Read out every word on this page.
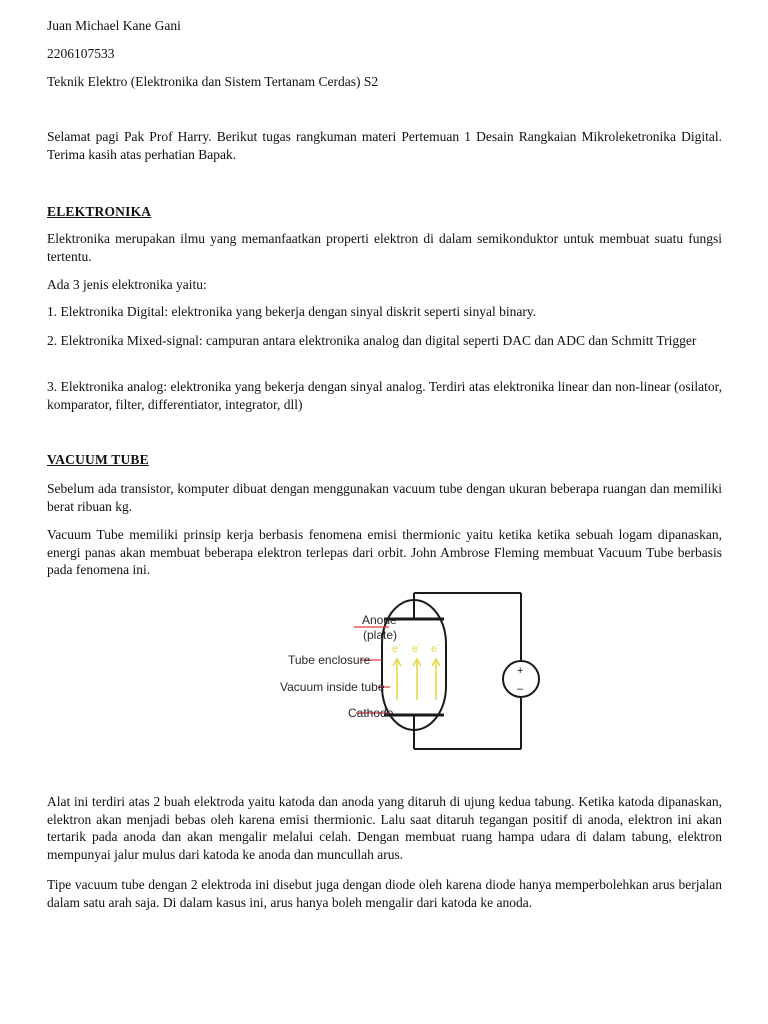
Juan Michael Kane Gani
2206107533
Teknik Elektro (Elektronika dan Sistem Tertanam Cerdas) S2
Selamat pagi Pak Prof Harry. Berikut tugas rangkuman materi Pertemuan 1 Desain Rangkaian Mikroleketronika Digital. Terima kasih atas perhatian Bapak.
ELEKTRONIKA
Elektronika merupakan ilmu yang memanfaatkan properti elektron di dalam semikonduktor untuk membuat suatu fungsi tertentu.
Ada 3 jenis elektronika yaitu:
1. Elektronika Digital: elektronika yang bekerja dengan sinyal diskrit seperti sinyal binary.
2. Elektronika Mixed-signal: campuran antara elektronika analog dan digital seperti DAC dan ADC dan Schmitt Trigger
3. Elektronika analog: elektronika yang bekerja dengan sinyal analog. Terdiri atas elektronika linear dan non-linear (osilator, komparator, filter, differentiator, integrator, dll)
VACUUM TUBE
Sebelum ada transistor, komputer dibuat dengan menggunakan vacuum tube dengan ukuran beberapa ruangan dan memiliki berat ribuan kg.
Vacuum Tube memiliki prinsip kerja berbasis fenomena emisi thermionic yaitu ketika ketika sebuah logam dipanaskan, energi panas akan membuat beberapa elektron terlepas dari orbit. John Ambrose Fleming membuat Vacuum Tube berbasis pada fenomena ini.
e- e- e-
+
–
Anode
(plate)
Tube enclosure
Vacuum inside tube
Cathode
Alat ini terdiri atas 2 buah elektroda yaitu katoda dan anoda yang ditaruh di ujung kedua tabung. Ketika katoda dipanaskan, elektron akan menjadi bebas oleh karena emisi thermionic. Lalu saat ditaruh tegangan positif di anoda, elektron ini akan tertarik pada anoda dan akan mengalir melalui celah. Dengan membuat ruang hampa udara di dalam tabung, elektron mempunyai jalur mulus dari katoda ke anoda dan muncullah arus.
Tipe vacuum tube dengan 2 elektroda ini disebut juga dengan diode oleh karena diode hanya memperbolehkan arus berjalan dalam satu arah saja. Di dalam kasus ini, arus hanya boleh mengalir dari katoda ke anoda.
